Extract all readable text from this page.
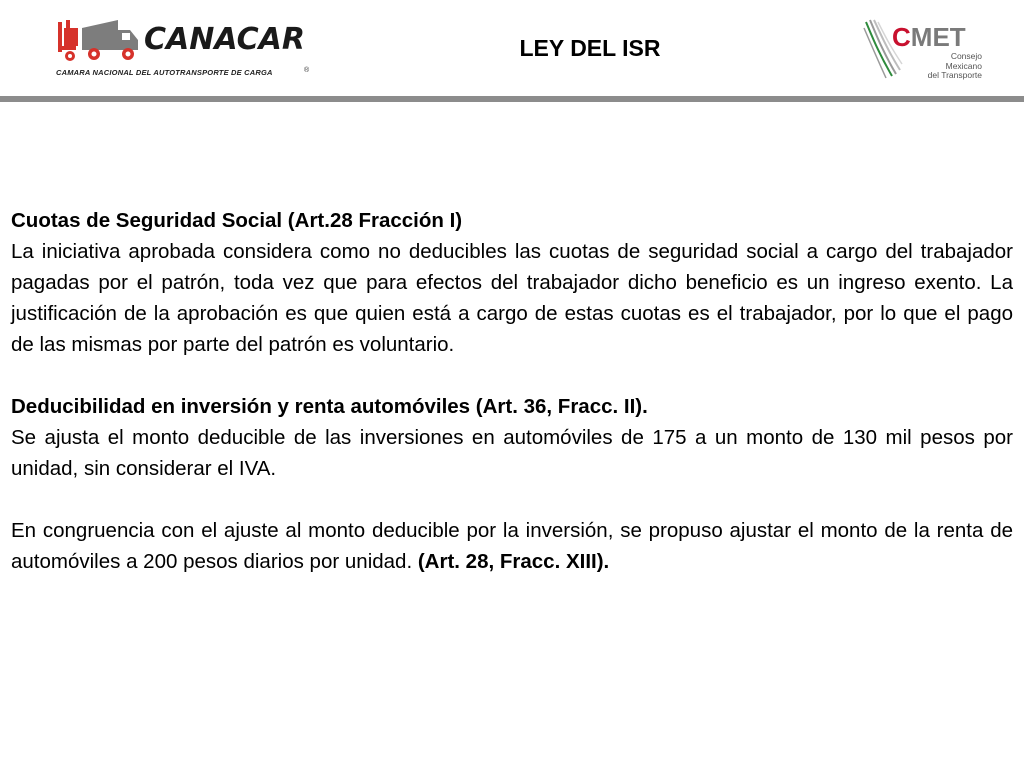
CANACAR
CAMARA NACIONAL DEL AUTOTRANSPORTE DE CARGA	®
LEY DEL ISR	CMET
Consejo
Mexicano
del Transporte

Cuotas de Seguridad Social (Art.28 Fracción I)

La iniciativa aprobada considera como no deducibles las cuotas de seguridad social a cargo del trabajador pagadas por el patrón, toda vez que para efectos del trabajador dicho beneficio es un ingreso exento. La justificación de la aprobación es que quien está a cargo de estas cuotas es el trabajador, por lo que el pago de las mismas por parte del patrón es voluntario.

Deducibilidad en inversión y renta automóviles (Art. 36, Fracc. II).

Se ajusta el monto deducible de las inversiones en automóviles de 175 a un monto de 130 mil pesos por unidad, sin considerar el IVA.

En congruencia con el ajuste al monto deducible por la inversión, se propuso ajustar el monto de la renta de automóviles a 200 pesos diarios por unidad. (Art. 28, Fracc. XIII).
